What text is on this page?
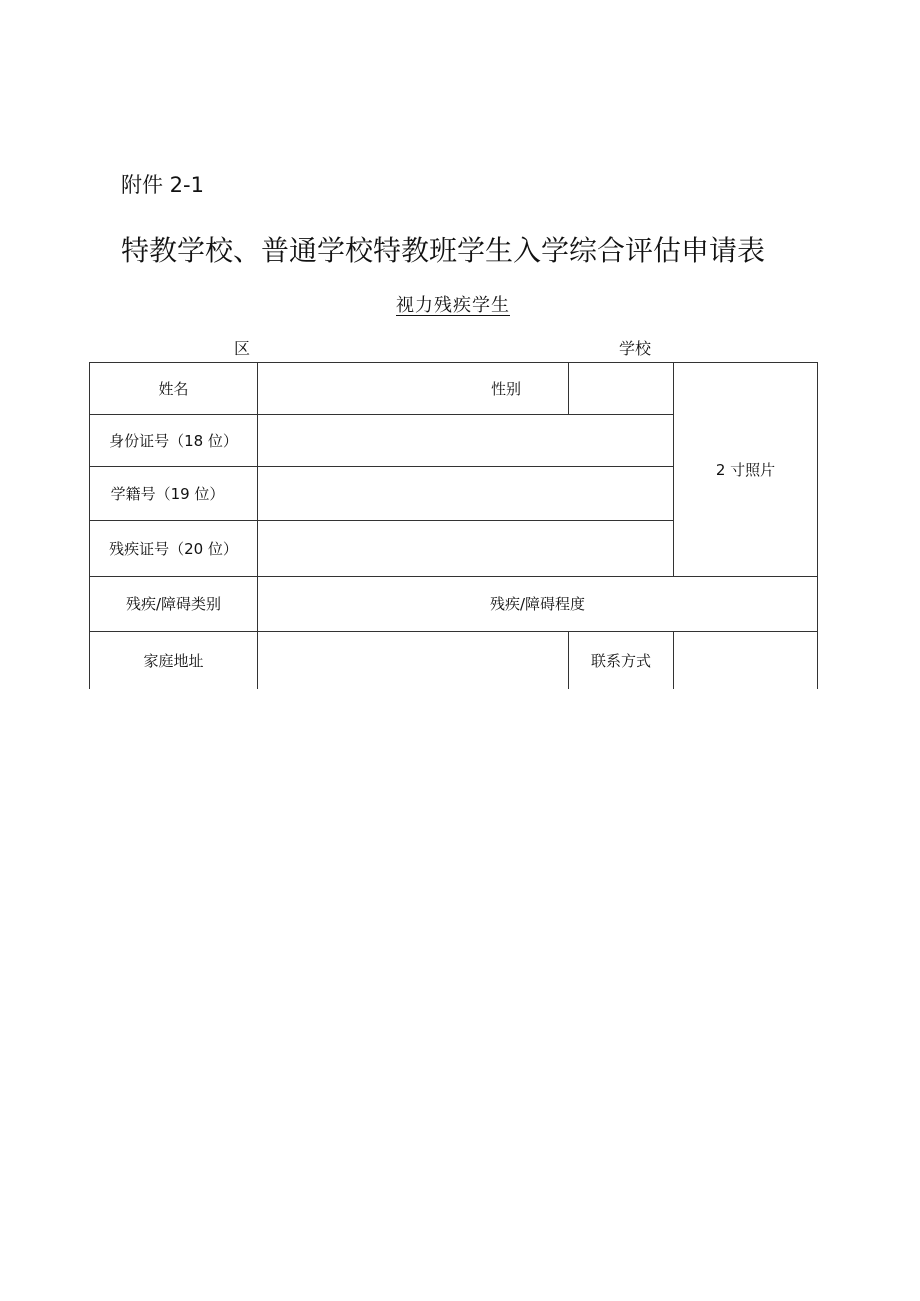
附件 2-1
特教学校、普通学校特教班学生入学综合评估申请表
视力残疾学生
区	学校
姓名	性别
身份证号（18 位）
学籍号（19 位）
残疾证号（20 位）
2 寸照片
残疾/障碍类别	残疾/障碍程度
家庭地址	联系方式
